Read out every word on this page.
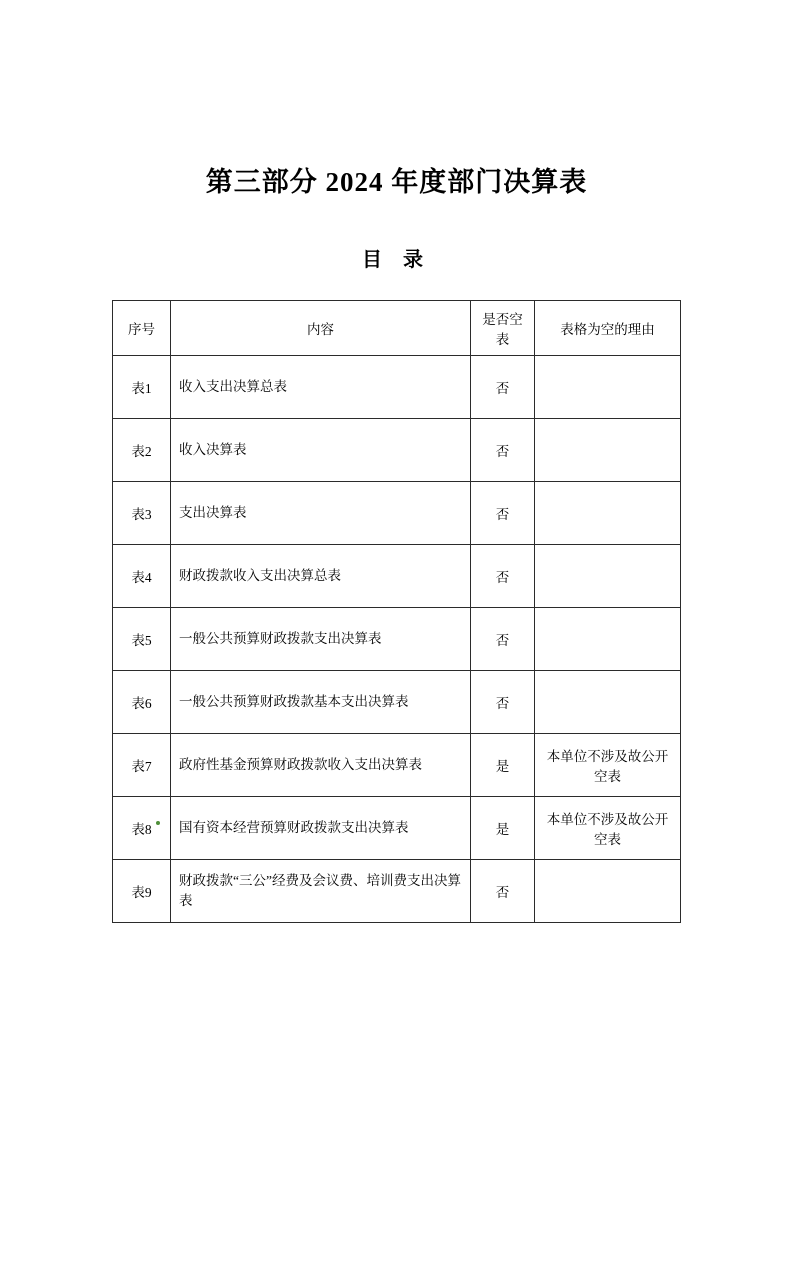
第三部分 2024 年度部门决算表
目 录
序号	内容	是否空表	表格为空的理由
表1	收入支出决算总表	否	
表2	收入决算表	否	
表3	支出决算表	否	
表4	财政拨款收入支出决算总表	否	
表5	一般公共预算财政拨款支出决算表	否	
表6	一般公共预算财政拨款基本支出决算表	否	
表7	政府性基金预算财政拨款收入支出决算表	是	本单位不涉及故公开空表
表8	国有资本经营预算财政拨款支出决算表	是	本单位不涉及故公开空表
表9	财政拨款“三公”经费及会议费、培训费支出决算表	否	
